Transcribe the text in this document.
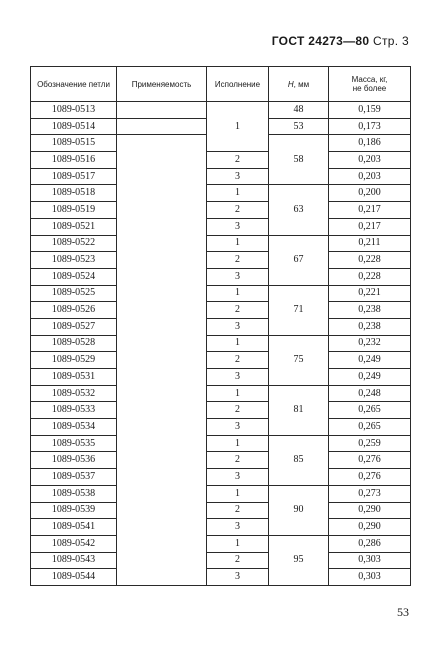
ГОСТ 24273—80 Стр. 3
Обозначение петли	Применяемость	Исполнение	Н, мм	Масса, кг,
не более
1089-0513		1	48	0,159
1089-0514			53	0,173
1089-0515			58	0,186
1089-0516		2		0,203
1089-0517		3		0,203
1089-0518		1	63	0,200
1089-0519		2		0,217
1089-0521		3		0,217
1089-0522		1	67	0,211
1089-0523		2		0,228
1089-0524		3		0,228
1089-0525		1	71	0,221
1089-0526		2		0,238
1089-0527		3		0,238
1089-0528		1	75	0,232
1089-0529		2		0,249
1089-0531		3		0,249
1089-0532		1	81	0,248
1089-0533		2		0,265
1089-0534		3		0,265
1089-0535		1	85	0,259
1089-0536		2		0,276
1089-0537		3		0,276
1089-0538		1	90	0,273
1089-0539		2		0,290
1089-0541		3		0,290
1089-0542		1	95	0,286
1089-0543		2		0,303
1089-0544		3		0,303
53
